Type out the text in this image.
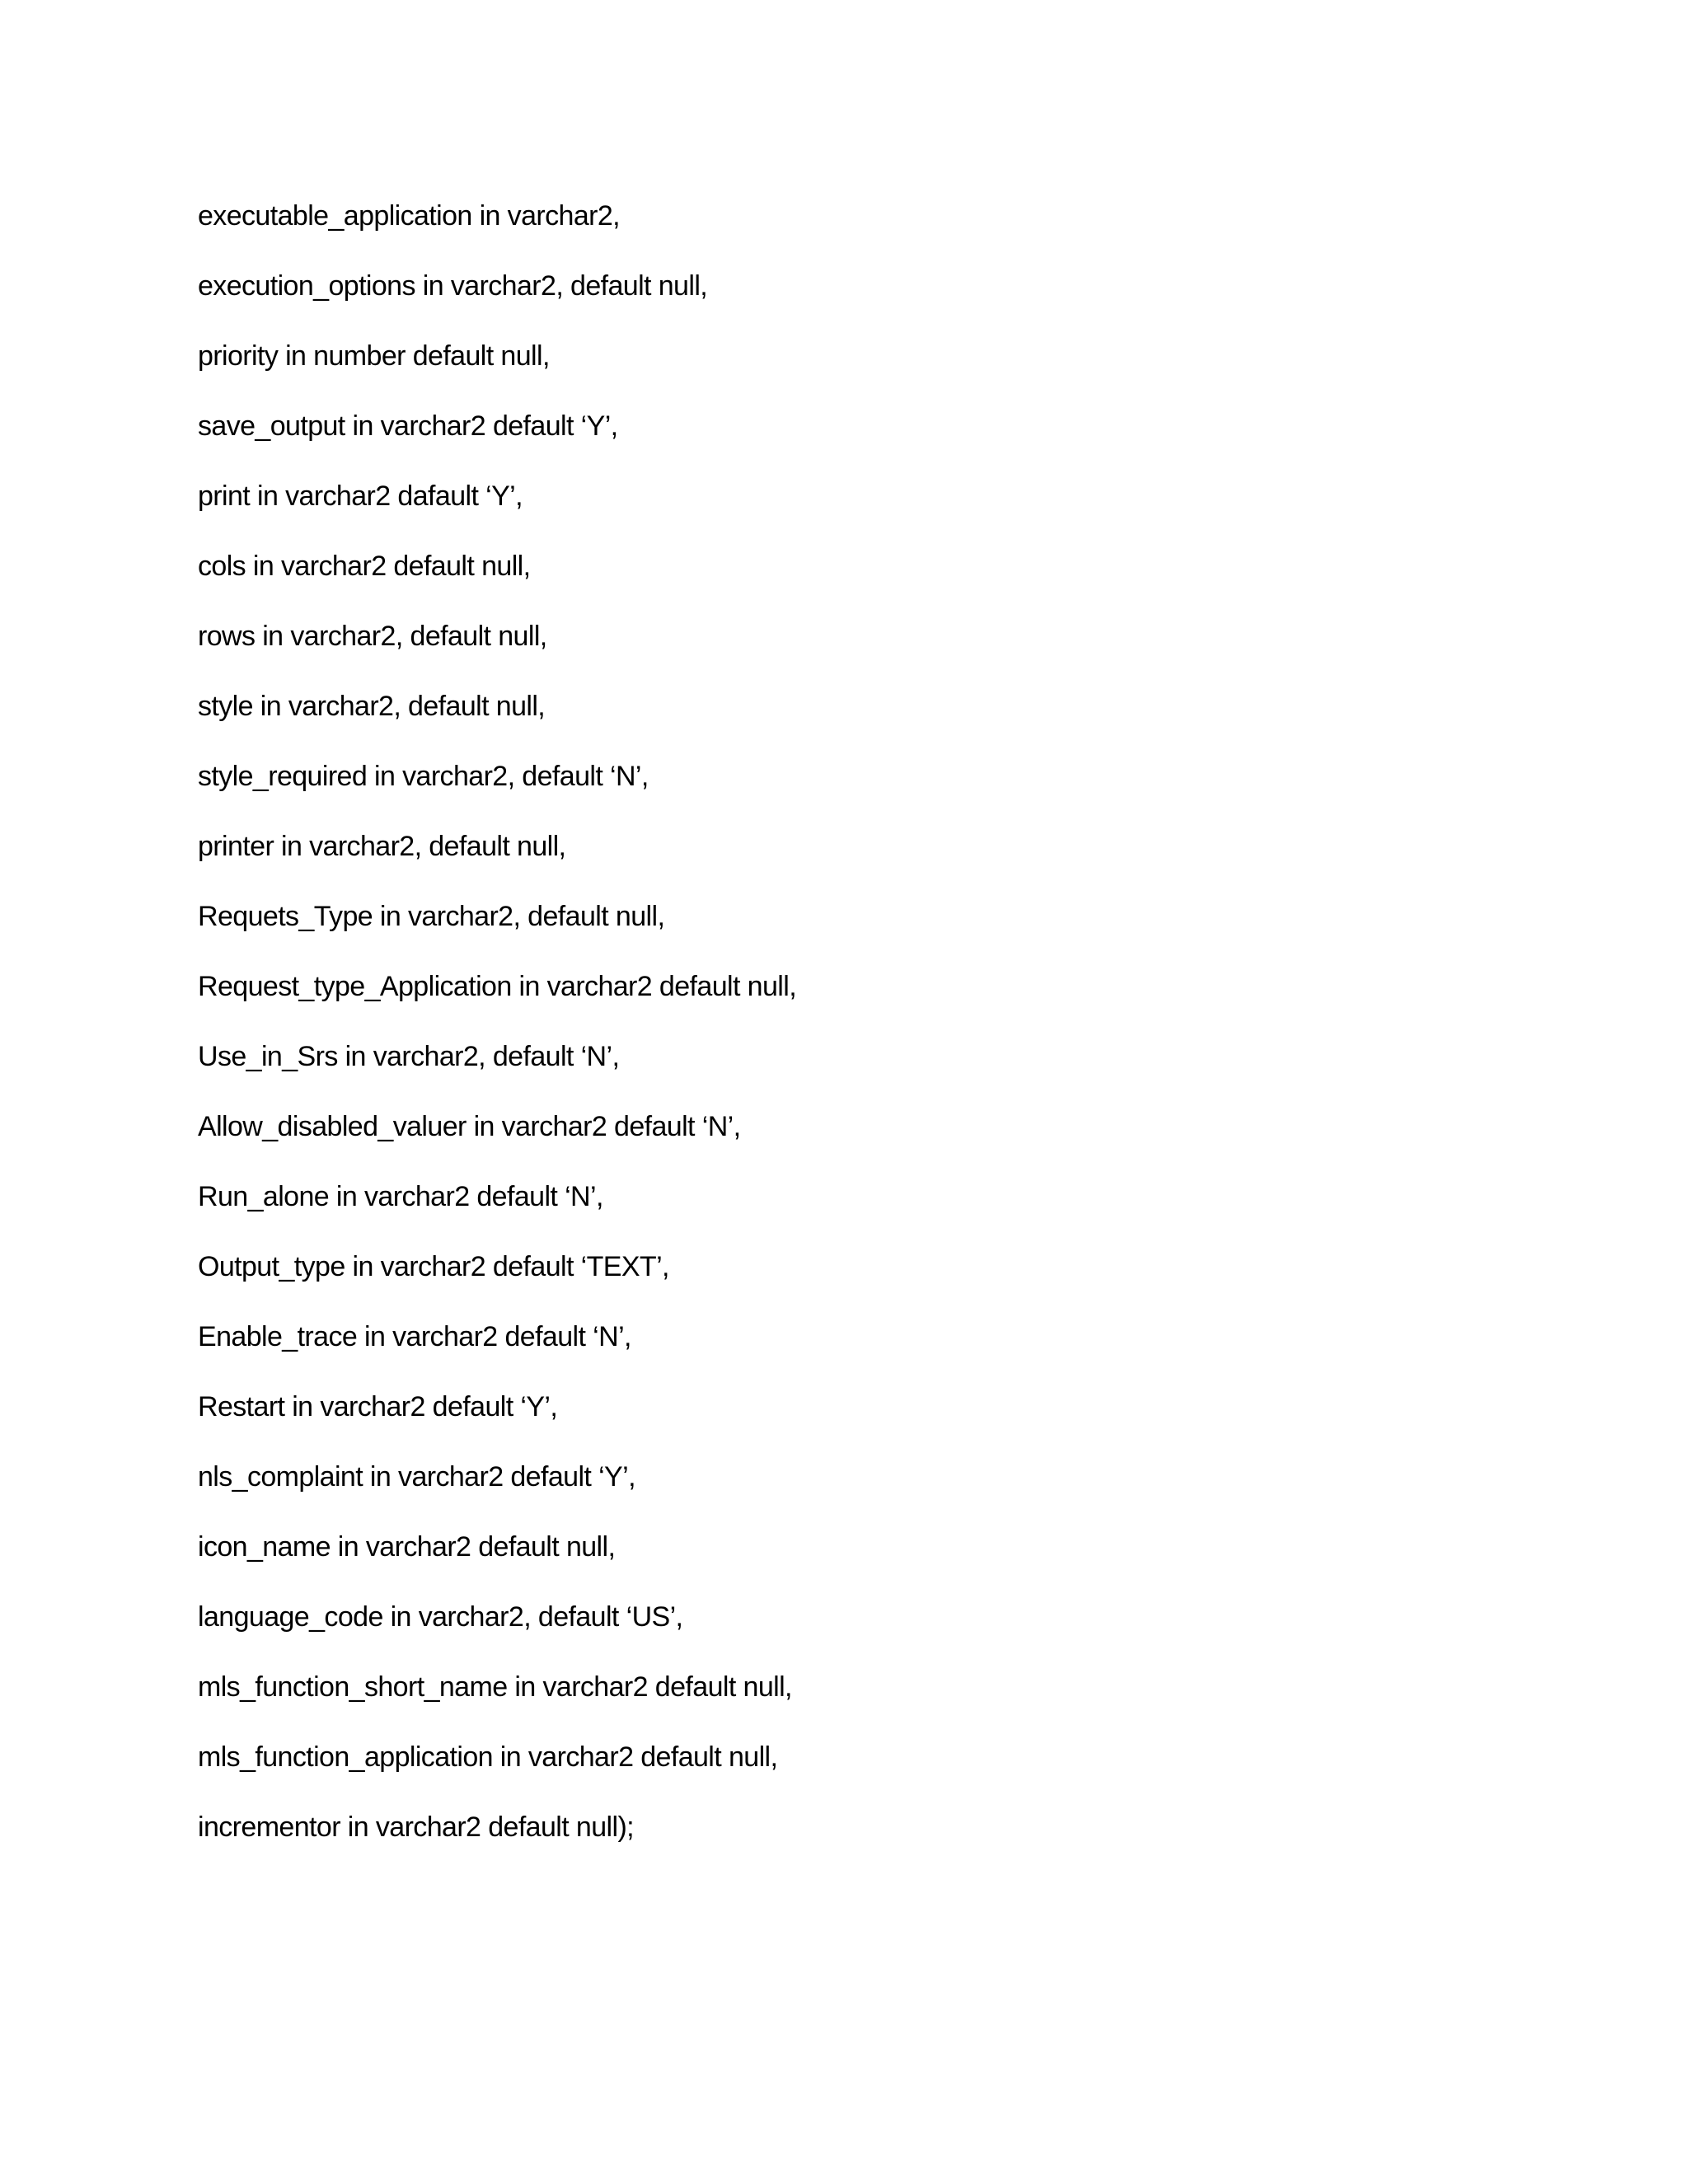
executable_application in varchar2,
execution_options in varchar2, default null,
priority in number default null,
save_output in varchar2 default ‘Y’,
print in varchar2 dafault ‘Y’,
cols in varchar2 default null,
rows in varchar2, default null,
style in varchar2, default null,
style_required in varchar2, default ‘N’,
printer in varchar2, default null,
Requets_Type in varchar2, default null,
Request_type_Application in varchar2 default null,
Use_in_Srs in varchar2, default ‘N’,
Allow_disabled_valuer in varchar2 default ‘N’,
Run_alone in varchar2 default ‘N’,
Output_type in varchar2 default ‘TEXT’,
Enable_trace in varchar2 default ‘N’,
Restart in varchar2 default ‘Y’,
nls_complaint in varchar2 default ‘Y’,
icon_name in varchar2 default null,
language_code in varchar2, default ‘US’,
mls_function_short_name in varchar2 default null,
mls_function_application in varchar2 default null,
incrementor in varchar2 default null);
